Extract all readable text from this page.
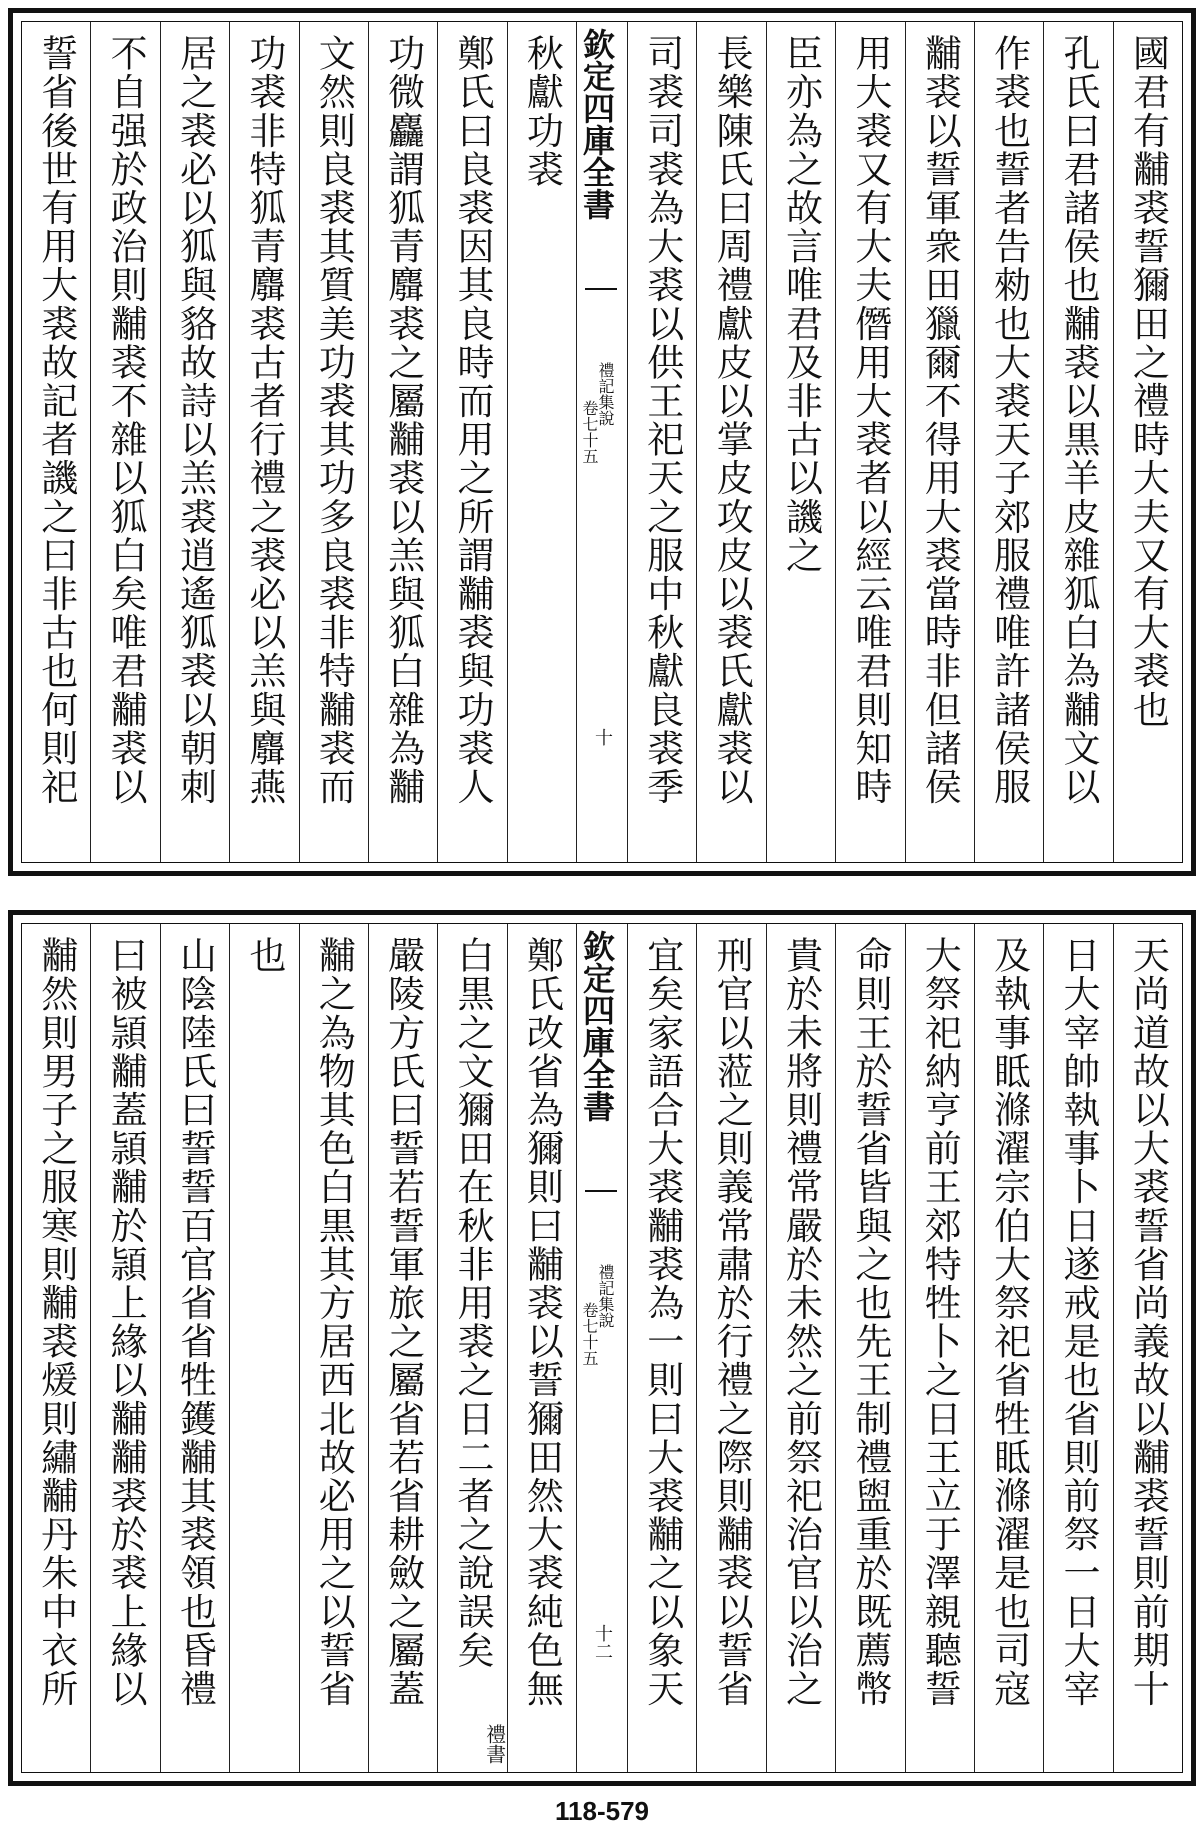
國君有黼裘誓獮田之禮時大夫又有大裘也
孔氏曰君諸侯也黼裘以黒羊皮雜狐白為黼文以
作裘也誓者告勑也大裘天子郊服禮唯許諸侯服
黼裘以誓軍衆田獵爾不得用大裘當時非但諸侯
用大裘又有大夫僭用大裘者以經云唯君則知時
臣亦為之故言唯君及非古以譏之
長樂陳氏曰周禮獻皮以掌皮攻皮以裘氏獻裘以
司裘司裘為大裘以供王祀天之服中秋獻良裘季
欽定四庫全書
禮記集說
卷七十五
十
秋獻功裘
鄭氏曰良裘因其良時而用之所謂黼裘與功裘人
功微麤謂狐青麛裘之屬黼裘以羔與狐白雜為黼
文然則良裘其質美功裘其功多良裘非特黼裘而
功裘非特狐青麛裘古者行禮之裘必以羔與麛燕
居之裘必以狐與貉故詩以羔裘逍遙狐裘以朝刺
不自强於政治則黼裘不雜以狐白矣唯君黼裘以
誓省後世有用大裘故記者譏之曰非古也何則祀
天尚道故以大裘誓省尚義故以黼裘誓則前期十
日大宰帥執事卜日遂戒是也省則前祭一日大宰
及執事眡滌濯宗伯大祭祀省牲眡滌濯是也司寇
大祭祀納亨前王郊特牲卜之日王立于澤親聽誓
命則王於誓省皆與之也先王制禮盥重於既薦幣
貴於未將則禮常嚴於未然之前祭祀治官以治之
刑官以蒞之則義常肅於行禮之際則黼裘以誓省
宜矣家語合大裘黼裘為一則曰大裘黼之以象天
欽定四庫全書
禮記集說
卷七十五
十二
鄭氏改省為獮則曰黼裘以誓獮田然大裘純色無
白黒之文獮田在秋非用裘之日二者之說誤矣
禮書
嚴陵方氏曰誓若誓軍旅之屬省若省耕斂之屬蓋
黼之為物其色白黒其方居西北故必用之以誓省
也
山陰陸氏曰誓誓百官省省牲鑊黼其裘領也昏禮
曰被頴黼蓋頴黼於頴上緣以黼黼裘於裘上緣以
黼然則男子之服寒則黼裘煖則繡黼丹朱中衣所
118-579
